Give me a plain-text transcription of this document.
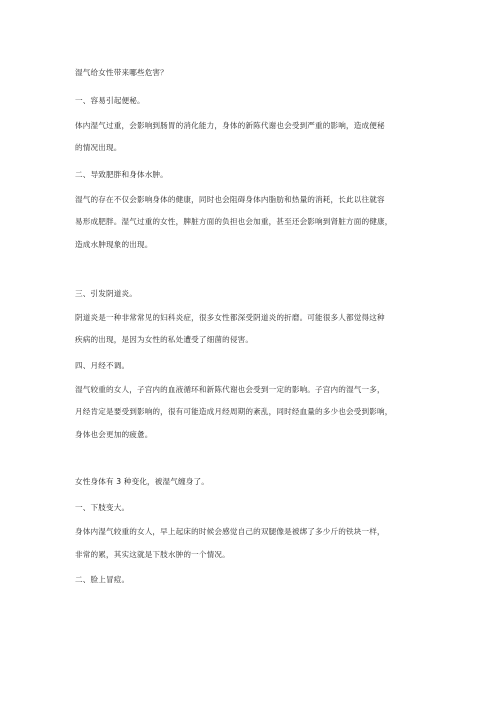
湿气给女性带来哪些危害？
一、容易引起便秘。
体内湿气过重，会影响到肠胃的消化能力，身体的新陈代谢也会受到严重的影响，造成便秘
的情况出现。
二、导致肥胖和身体水肿。
湿气的存在不仅会影响身体的健康，同时也会阻碍身体内脂肪和热量的消耗，长此以往就容
易形成肥胖。湿气过重的女性，脾脏方面的负担也会加重，甚至还会影响到肾脏方面的健康，
造成水肿现象的出现。
三、引发阴道炎。
阴道炎是一种非常常见的妇科炎症，很多女性都深受阴道炎的折磨。可能很多人都觉得这种
疾病的出现，是因为女性的私处遭受了细菌的侵害。
四、月经不调。
湿气较重的女人，子宫内的血液循环和新陈代谢也会受到一定的影响。子宫内的湿气一多，
月经肯定是要受到影响的，很有可能造成月经周期的紊乱，同时经血量的多少也会受到影响，
身体也会更加的疲惫。
女性身体有 3 种变化，被湿气缠身了。
一、下肢变大。
身体内湿气较重的女人，早上起床的时候会感觉自己的双腿像是被绑了多少斤的铁块一样，
非常的累，其实这就是下肢水肿的一个情况。
二、脸上冒痘。
